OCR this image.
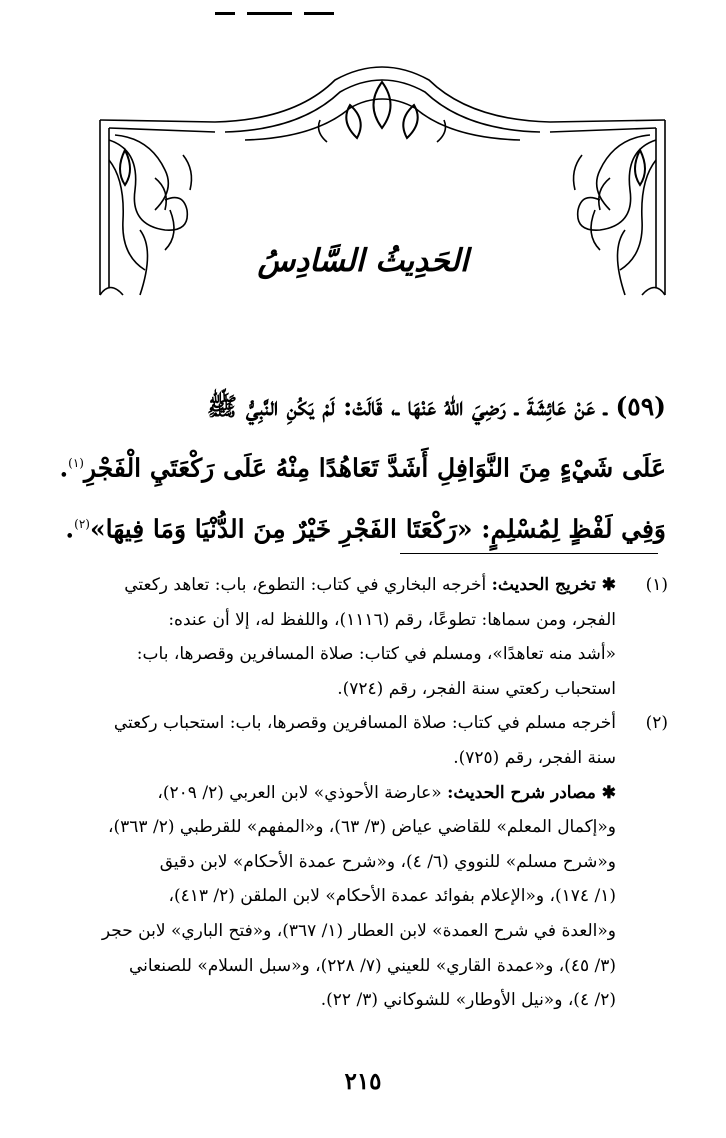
الحَدِيثُ السَّادِسُ
(٥٩) ـ عَنْ عَائِشَةَ ـ رَضِيَ اللهُ عَنْهَا ـ، قَالَتْ: لَمْ يَكُنِ النَّبِيُّ ﷺ
عَلَى شَيْءٍ مِنَ النَّوَافِلِ أَشَدَّ تَعَاهُدًا مِنْهُ عَلَى رَكْعَتَيِ الْفَجْرِ$^{(١)}$.
وَفِي لَفْظٍ لِمُسْلِمٍ: «رَكْعَتَا الفَجْرِ خَيْرٌ مِنَ الدُّنْيَا وَمَا فِيهَا»$^{(٢)}$.
(١)
✱ تخريج الحديث: أخرجه البخاري في كتاب: التطوع، باب: تعاهد ركعتي
الفجر، ومن سماها: تطوعًا، رقم (١١١٦)، واللفظ له، إلا أن عنده:
«أشد منه تعاهدًا»، ومسلم في كتاب: صلاة المسافرين وقصرها، باب:
استحباب ركعتي سنة الفجر، رقم (٧٢٤).
(٢)
أخرجه مسلم في كتاب: صلاة المسافرين وقصرها، باب: استحباب ركعتي
سنة الفجر، رقم (٧٢٥).
✱ مصادر شرح الحديث: «عارضة الأحوذي» لابن العربي (٢/ ٢٠٩)،
و«إكمال المعلم» للقاضي عياض (٣/ ٦٣)، و«المفهم» للقرطبي (٢/ ٣٦٣)،
و«شرح مسلم» للنووي (٦/ ٤)، و«شرح عمدة الأحكام» لابن دقيق
(١/ ١٧٤)، و«الإعلام بفوائد عمدة الأحكام» لابن الملقن (٢/ ٤١٣)،
و«العدة في شرح العمدة» لابن العطار (١/ ٣٦٧)، و«فتح الباري» لابن حجر
(٣/ ٤٥)، و«عمدة القاري» للعيني (٧/ ٢٢٨)، و«سبل السلام» للصنعاني
(٢/ ٤)، و«نيل الأوطار» للشوكاني (٣/ ٢٢).
٢١٥
